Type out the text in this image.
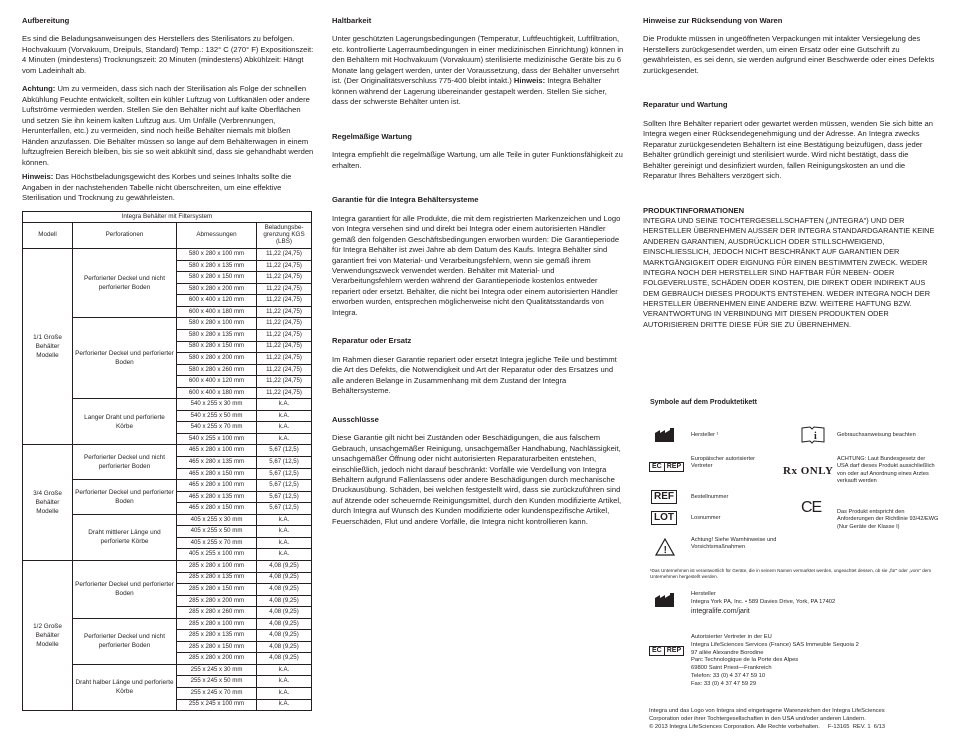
Aufbereitung

Es sind die Beladungsanweisungen des Herstellers des Sterilisators zu befolgen. Hochvakuum (Vorvakuum, Dreipuls, Standard) Temp.: 132° C (270° F) Expositionszeit: 4 Minuten (mindestens) Trocknungszeit: 20 Minuten (mindestens) Abkühlzeit: Hängt vom Ladeinhalt ab.

Achtung: Um zu vermeiden, dass sich nach der Sterilisation als Folge der schnellen Abkühlung Feuchte entwickelt, sollten ein kühler Luftzug von Luftkanälen oder andere Luftströme vermieden werden. Stellen Sie den Behälter nicht auf kalte Oberflächen und setzen Sie ihn keinem kalten Luftzug aus. Um Unfälle (Verbrennungen, Herunterfallen, etc.) zu vermeiden, sind noch heiße Behälter niemals mit bloßen Händen anzufassen. Die Behälter müssen so lange auf dem Behälterwagen in einem luftzugfreien Bereich bleiben, bis sie so weit abkühlt sind, dass sie gehandhabt werden können.

Hinweis: Das Höchstbeladungsgewicht des Korbes und seines Inhalts sollte die Angaben in der nachstehenden Tabelle nicht überschreiten, um eine effektive Sterilisation und Trocknung zu gewährleisten.

Integra Behälter mit Filtersystem			
Modell	Perforationen	Abmessungen	Beladungsbe-grenzung KGS (LBS)
1/1 Große Behälter Modelle	Perforierter Deckel und nicht perforierter Boden	580 x 280 x 100 mm	11,22 (24,75)
		580 x 280 x 135 mm	11,22 (24,75)
		580 x 280 x 150 mm	11,22 (24,75)
		580 x 280 x 200 mm	11,22 (24,75)
		600 x 400 x 120 mm	11,22 (24,75)
		600 x 400 x 180 mm	11,22 (24,75)
	Perforierter Deckel und perforierter Boden	580 x 280 x 100 mm	11,22 (24,75)
		580 x 280 x 135 mm	11,22 (24,75)
		580 x 280 x 150 mm	11,22 (24,75)
		580 x 280 x 200 mm	11,22 (24,75)
		580 x 280 x 260 mm	11,22 (24,75)
		600 x 400 x 120 mm	11,22 (24,75)
		600 x 400 x 180 mm	11,22 (24,75)
	Langer Draht und perforierte Körbe	540 x 255 x 30 mm	k.A.
		540 x 255 x 50 mm	k.A.
		540 x 255 x 70 mm	k.A.
		540 x 255 x 100 mm	k.A.
3/4 Große Behälter Modelle	Perforierter Deckel und nicht perforierter Boden	465 x 280 x 100 mm	5,67 (12,5)
		465 x 280 x 135 mm	5,67 (12,5)
		465 x 280 x 150 mm	5,67 (12,5)
	Perforierter Deckel und perforierter Boden	465 x 280 x 100 mm	5,67 (12,5)
		465 x 280 x 135 mm	5,67 (12,5)
		465 x 280 x 150 mm	5,67 (12,5)
	Draht mittlerer Länge und perforierte Körbe	405 x 255 x 30 mm	k.A.
		405 x 255 x 50 mm	k.A.
		405 x 255 x 70 mm	k.A.
		405 x 255 x 100 mm	k.A.
1/2 Große Behälter Modelle	Perforierter Deckel und perforierter Boden	285 x 280 x 100 mm	4,08 (9,25)
		285 x 280 x 135 mm	4,08 (9,25)
		285 x 280 x 150 mm	4,08 (9,25)
		285 x 280 x 200 mm	4,08 (9,25)
		285 x 280 x 260 mm	4,08 (9,25)
	Perforierter Deckel und nicht perforierter Boden	285 x 280 x 100 mm	4,08 (9,25)
		285 x 280 x 135 mm	4,08 (9,25)
		285 x 280 x 150 mm	4,08 (9,25)
		285 x 280 x 200 mm	4,08 (9,25)
	Draht halber Länge und perforierte Körbe	255 x 245 x 30 mm	k.A.
		255 x 245 x 50 mm	k.A.
		255 x 245 x 70 mm	k.A.
		255 x 245 x 100 mm	k.A.

Haltbarkeit

Unter geschützten Lagerungsbedingungen (Temperatur, Luftfeuchtigkeit, Luftfiltration, etc. kontrollierte Lagerraumbedingungen in einer medizinischen Einrichtung) können in den Behältern mit Hochvakuum (Vorvakuum) sterilisierte medizinische Geräte bis zu 6 Monate lang gelagert werden, unter der Voraussetzung, dass der Behälter unversehrt ist. (Der Originalitätsverschluss 775-400 bleibt intakt.) Hinweis: Integra Behälter können während der Lagerung übereinander gestapelt werden. Stellen Sie sicher, dass der schwerste Behälter unten ist.

Regelmäßige Wartung

Integra empfiehlt die regelmäßige Wartung, um alle Teile in guter Funktionsfähigkeit zu erhalten.

Garantie für die Integra Behältersysteme

Integra garantiert für alle Produkte, die mit dem registrierten Markenzeichen und Logo von Integra versehen sind und direkt bei Integra oder einem autorisierten Händler gemäß den folgenden Geschäftsbedingungen erworben wurden: Die Garantieperiode für Integra Behälter ist zwei Jahre ab dem Datum des Kaufs. Integra Behälter sind garantiert frei von Material- und Verarbeitungsfehlern, wenn sie gemäß ihrem Verwendungszweck verwendet werden. Behälter mit Material- und Verarbeitungsfehlern werden während der Garantieperiode kostenlos entweder repariert oder ersetzt. Behälter, die nicht bei Integra oder einem autorisierten Händler erworben wurden, entsprechen möglicherweise nicht den Qualitätsstandards von Integra.

Reparatur oder Ersatz

Im Rahmen dieser Garantie repariert oder ersetzt Integra jegliche Teile und bestimmt die Art des Defekts, die Notwendigkeit und Art der Reparatur oder des Ersatzes und alle anderen Belange in Zusammenhang mit dem Zustand der Integra Behältersysteme.

Ausschlüsse

Diese Garantie gilt nicht bei Zuständen oder Beschädigungen, die aus falschem Gebrauch, unsachgemäßer Reinigung, unsachgemäßer Handhabung, Nachlässigkeit, unsachgemäßer Öffnung oder nicht autorisierten Reparaturarbeiten entstehen, einschließlich, jedoch nicht darauf beschränkt: Vorfälle wie Verdellung von Integra Behältern aufgrund Fallenlassens oder andere Beschädigungen durch mechanische Druckausübung. Schäden, bei welchen festgestellt wird, dass sie zurückzuführen sind auf ätzende oder scheuernde Reinigungsmittel, durch den Kunden modifizierte Artikel, durch Integra auf Wunsch des Kunden modifizierte oder kundenspezifische Artikel, Feuerschäden, Flut und andere Vorfälle, die Integra nicht kontrollieren kann.

Hinweise zur Rücksendung von Waren

Die Produkte müssen in ungeöffneten Verpackungen mit intakter Versiegelung des Herstellers zurückgesendet werden, um einen Ersatz oder eine Gutschrift zu gewährleisten, es sei denn, sie werden aufgrund einer Beschwerde oder eines Defekts zurückgesendet.

Reparatur und Wartung

Sollten Ihre Behälter repariert oder gewartet werden müssen, wenden Sie sich bitte an Integra wegen einer Rücksendegenehmigung und der Adresse. An Integra zwecks Reparatur zurückgesendeten Behältern ist eine Bestätigung beizufügen, dass jeder Behälter gründlich gereinigt und sterilisiert wurde. Wird nicht bestätigt, dass die Behälter gereinigt und desinfiziert wurden, fallen Reinigungskosten an und die Reparatur Ihres Behälters verzögert sich.

PRODUKTINFORMATIONEN

INTEGRA UND SEINE TOCHTERGESELLSCHAFTEN („INTEGRA") UND DER HERSTELLER ÜBERNEHMEN AUSSER DER INTEGRA STANDARDGARANTIE KEINE ANDEREN GARANTIEN, AUSDRÜCKLICH ODER STILLSCHWEIGEND, EINSCHLIESSLICH, JEDOCH NICHT BESCHRÄNKT AUF GARANTIEN DER MARKTGÄNGIGKEIT ODER EIGNUNG FÜR EINEN BESTIMMTEN ZWECK. WEDER INTEGRA NOCH DER HERSTELLER SIND HAFTBAR FÜR NEBEN- ODER FOLGEVERLUSTE, SCHÄDEN ODER KOSTEN, DIE DIREKT ODER INDIREKT AUS DEM GEBRAUCH DIESES PRODUKTS ENTSTEHEN. WEDER INTEGRA NOCH DER HERSTELLER ÜBERNEHMEN EINE ANDERE BZW. WEITERE HAFTUNG BZW. VERANTWORTUNG IN VERBINDUNG MIT DIESEN PRODUKTEN ODER AUTORISIEREN DRITTE DIESE FÜR SIE ZU ÜBERNEHMEN.

Symbole auf dem Produktetikett

Hersteller ¹	i	Gebrauchsanweisung beachten
EC REP
Europäischer autorisierter Vertreter	Rx ONLY
ACHTUNG: Laut Bundesgesetz der USA darf dieses Produkt ausschließlich von oder auf Anordnung eines Arztes verkauft werden
REF	Bestellnummer
LOT	Losnummer
CE	Das Produkt entspricht den Anforderungen der Richtlinie 93/42/EWG (Nur Geräte der Klasse I)
!
Achtung! Siehe Warnhinweise und Vorsichtsmaßnahmen

¹Das Unternehmen ist verantwortlich für Geräte, die in seinem Namen vermarktet werden, ungeachtet dessen, ob sie „für" oder „vom" dem Unternehmen hergestellt werden.

Hersteller

Integra York PA, Inc. • 589 Davies Drive, York, PA 17402

integralife.com/jarit

EC REP

Autorisierter Vertreter in der EU

Integra LifeSciences Services (France) SAS Immeuble Sequoia 2

97 allée Alexandre Borodine

Parc Technologique de la Porte des Alpes

69800 Saint Priest—Frankreich

Telefon: 33 (0) 4 37 47 59 10

Fax: 33 (0) 4 37 47 59 29

Integra und das Logo von Integra sind eingetragene Warenzeichen der Integra LifeSciences

Corporation oder ihrer Tochtergesellschaften in den USA und/oder anderen Ländern.

© 2013 Integra LifeSciences Corporation. Alle Rechte vorbehalten.     F-13165  REV. 1  6/13
